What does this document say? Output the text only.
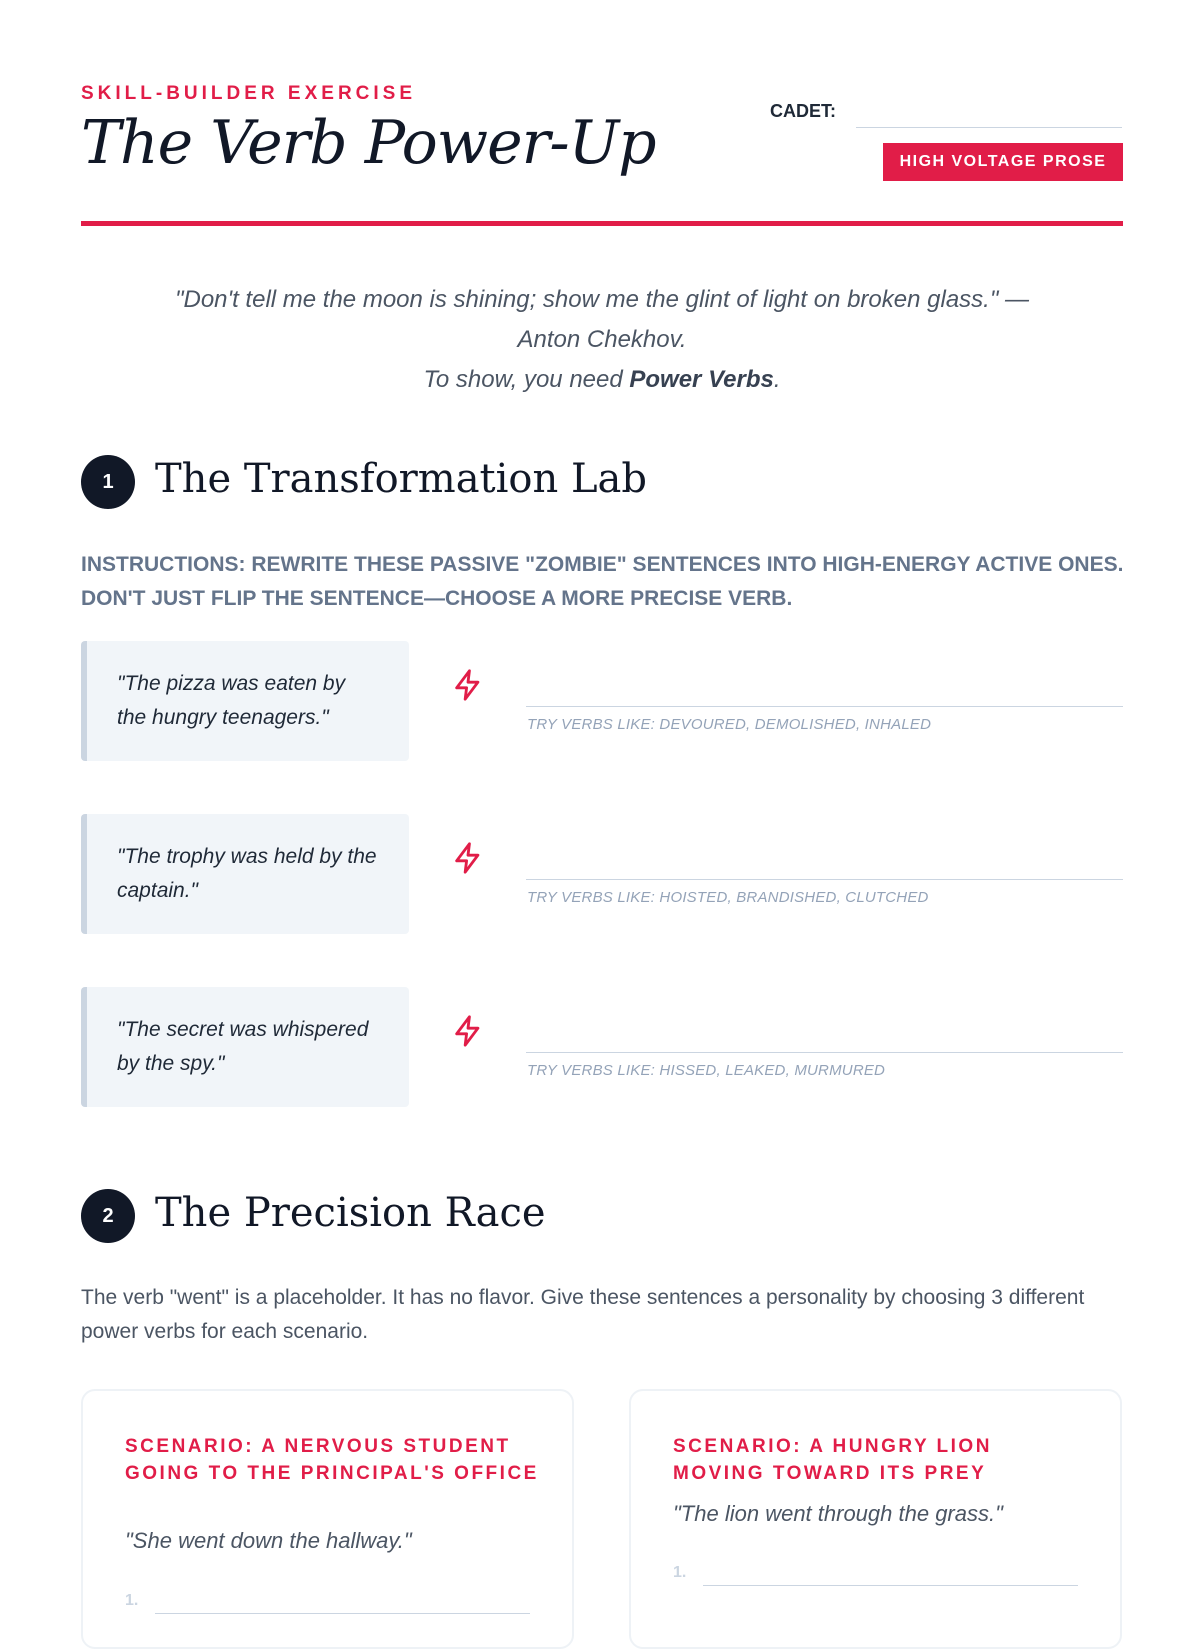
SKILL-BUILDER EXERCISE
The Verb Power-Up	CADET:
HIGH VOLTAGE PROSE
"Don't tell me the moon is shining; show me the glint of light on broken glass." —
Anton Chekhov.
To show, you need Power Verbs.
1	The Transformation Lab
INSTRUCTIONS: REWRITE THESE PASSIVE "ZOMBIE" SENTENCES INTO HIGH-ENERGY ACTIVE ONES. DON'T JUST FLIP THE SENTENCE—CHOOSE A MORE PRECISE VERB.
"The pizza was eaten by the hungry teenagers."	TRY VERBS LIKE: DEVOURED, DEMOLISHED, INHALED
"The trophy was held by the captain."	TRY VERBS LIKE: HOISTED, BRANDISHED, CLUTCHED
"The secret was whispered by the spy."	TRY VERBS LIKE: HISSED, LEAKED, MURMURED
2	The Precision Race
The verb "went" is a placeholder. It has no flavor. Give these sentences a personality by choosing 3 different power verbs for each scenario.
SCENARIO: A NERVOUS STUDENT GOING TO THE PRINCIPAL'S OFFICE
"She went down the hallway."
1.
SCENARIO: A HUNGRY LION MOVING TOWARD ITS PREY
"The lion went through the grass."
1.
